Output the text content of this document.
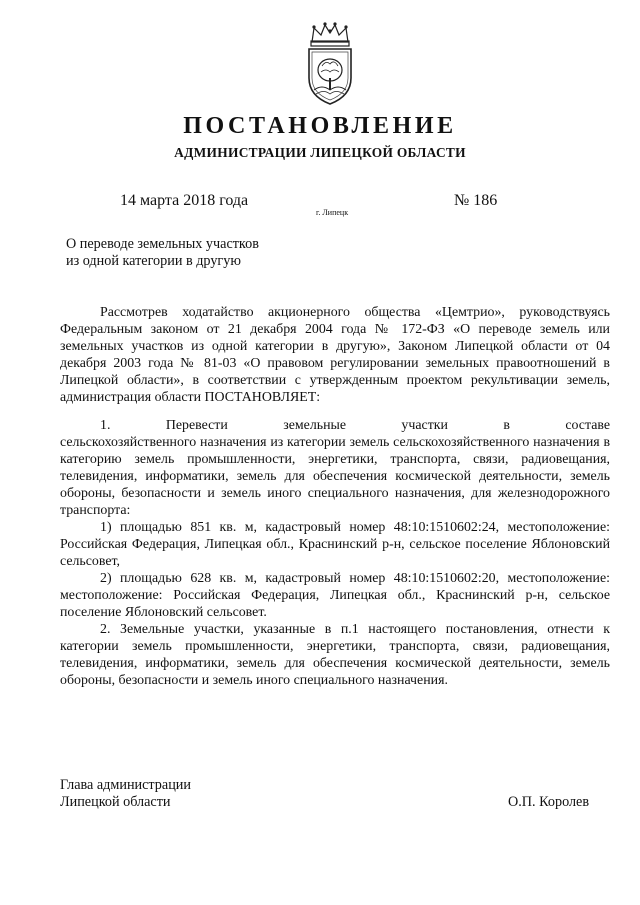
ПОСТАНОВЛЕНИЕ
АДМИНИСТРАЦИИ ЛИПЕЦКОЙ ОБЛАСТИ
14 марта 2018 года
г. Липецк
№ 186
О переводе земельных участков
из одной категории в другую

Рассмотрев ходатайство акционерного общества «Цемтрио», руководствуясь Федеральным законом от 21 декабря 2004 года № 172-ФЗ «О переводе земель или земельных участков из одной категории в другую», Законом Липецкой области от 04 декабря 2003 года № 81-03 «О правовом регулировании земельных правоотношений в Липецкой области», в соответствии с утвержденным проектом рекультивации земель, администрация области ПОСТАНОВЛЯЕТ:

1. Перевести земельные участки в составе

сельскохозяйственного назначения из категории земель сельскохозяйственного назначения в категорию земель промышленности, энергетики, транспорта, связи, радиовещания, телевидения, информатики, земель для обеспечения космической деятельности, земель обороны, безопасности и земель иного специального назначения, для железнодорожного транспорта:

1) площадью 851 кв. м, кадастровый номер 48:10:1510602:24, местоположение: Российская Федерация, Липецкая обл., Краснинский р-н, сельское поселение Яблоновский сельсовет,

2) площадью 628 кв. м, кадастровый номер 48:10:1510602:20, местоположение: местоположение: Российская Федерация, Липецкая обл., Краснинский р-н, сельское поселение Яблоновский сельсовет.

2. Земельные участки, указанные в п.1 настоящего постановления, отнести к категории земель промышленности, энергетики, транспорта, связи, радиовещания, телевидения, информатики, земель для обеспечения космической деятельности, земель обороны, безопасности и земель иного специального назначения.

Глава администрации
Липецкой области	О.П. Королев
